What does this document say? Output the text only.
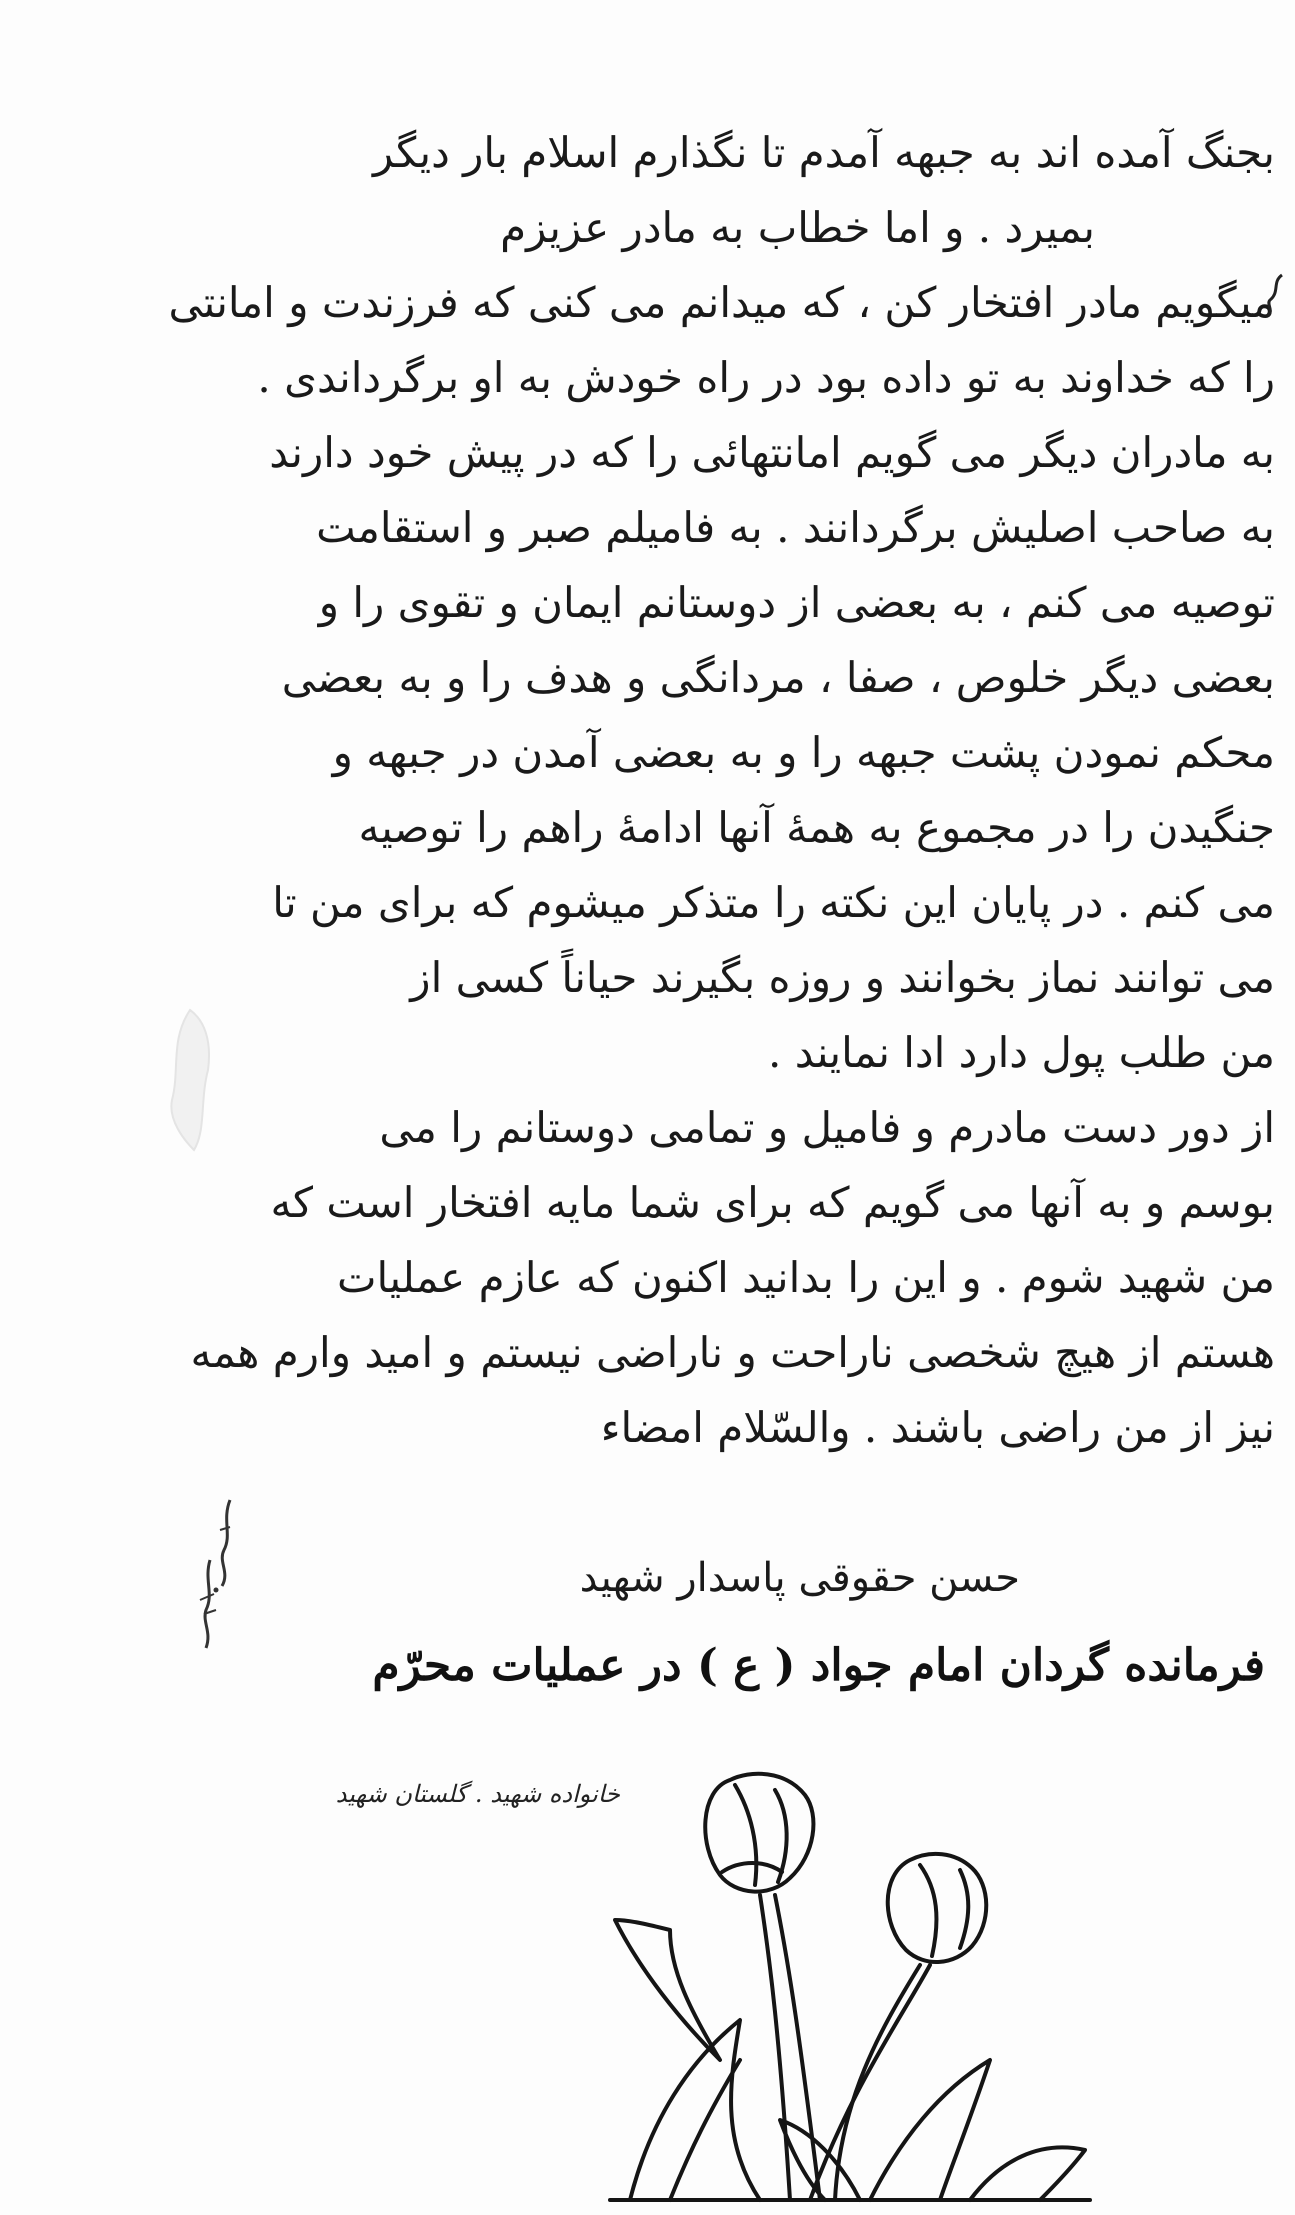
بجنگ آمده اند به جبهه آمدم تا نگذارم اسلام بار دیگر
بمیرد . و اما خطاب به مادر عزیزم
میگویم مادر افتخار کن ، که میدانم می کنی که فرزندت و امانتی
را که خداوند به تو داده بود در راه خودش به او برگرداندی .
به مادران دیگر می گویم امانتهائی را که در پیش خود دارند
به صاحب اصلیش برگردانند . به فامیلم صبر و استقامت
توصیه می کنم ، به بعضی از دوستانم ایمان و تقوی را و
بعضی دیگر خلوص ، صفا ، مردانگی و هدف را و به بعضی
محکم نمودن پشت جبهه را و به بعضی آمدن در جبهه و
جنگیدن را در مجموع به همهٔ آنها ادامهٔ راهم را توصیه
می کنم . در پایان این نکته را متذکر میشوم که برای من تا
می توانند نماز بخوانند و روزه بگیرند حیاناً کسی از
من طلب پول دارد ادا نمایند .
از دور دست مادرم و فامیل و تمامی دوستانم را می
بوسم و به آنها می گویم که برای شما مایه افتخار است که
من شهید شوم . و این را بدانید اکنون که عازم عملیات
هستم از هیچ شخصی ناراحت و ناراضی نیستم و امید وارم همه
نیز از من راضی باشند . والسّلام امضاء
حسن حقوقی پاسدار شهید
فرمانده گردان امام جواد ( ع ) در عملیات محرّم
خانواده شهید . گلستان شهید
